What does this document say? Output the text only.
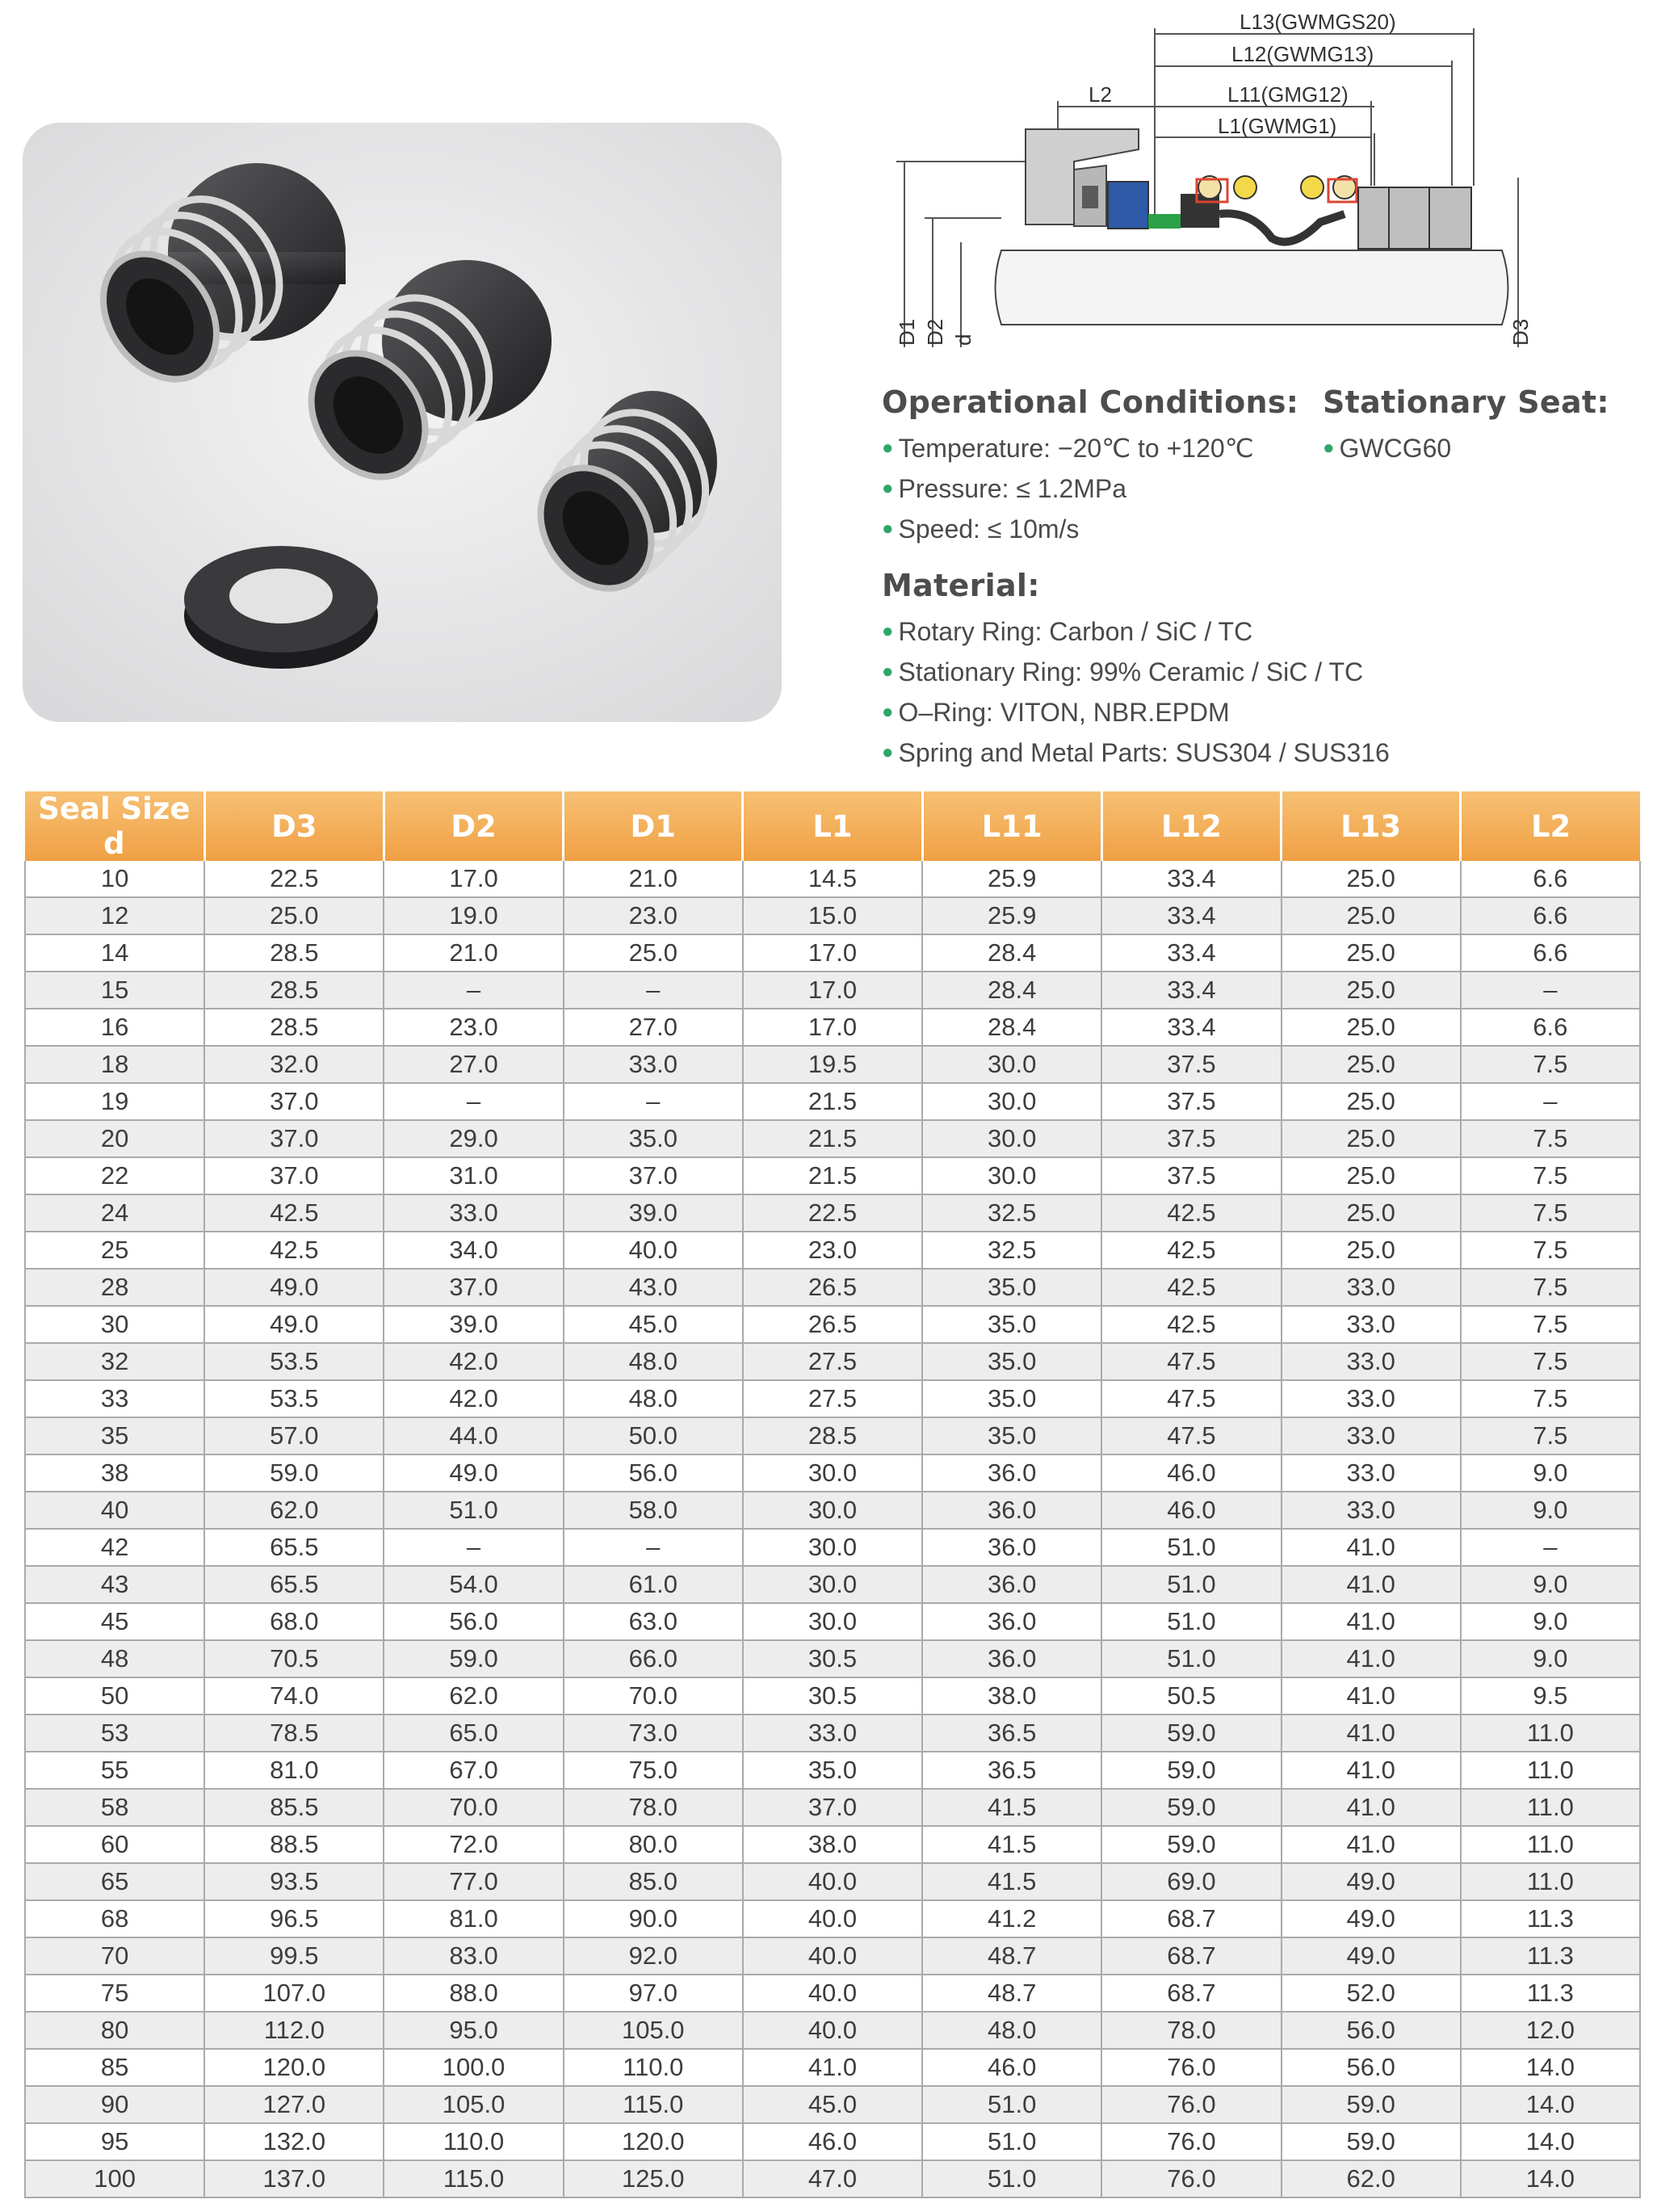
L13(GWMGS20)
L12(GWMG13)
L2	L11(GMG12)
L1(GWMG1)
D1 D2 d	D3
Operational Conditions:
● Temperature: −20℃ to +120℃
● Pressure: ≤ 1.2MPa
● Speed: ≤ 10m/s
Stationary Seat:
● GWCG60
Material:
● Rotary Ring: Carbon / SiC / TC
● Stationary Ring: 99% Ceramic / SiC / TC
● O–Ring: VITON, NBR.EPDM
● Spring and Metal Parts: SUS304 / SUS316
Seal Size d	D3	D2	D1	L1	L11	L12	L13	L2
10	22.5	17.0	21.0	14.5	25.9	33.4	25.0	6.6
12	25.0	19.0	23.0	15.0	25.9	33.4	25.0	6.6
14	28.5	21.0	25.0	17.0	28.4	33.4	25.0	6.6
15	28.5	–	–	17.0	28.4	33.4	25.0	–
16	28.5	23.0	27.0	17.0	28.4	33.4	25.0	6.6
18	32.0	27.0	33.0	19.5	30.0	37.5	25.0	7.5
19	37.0	–	–	21.5	30.0	37.5	25.0	–
20	37.0	29.0	35.0	21.5	30.0	37.5	25.0	7.5
22	37.0	31.0	37.0	21.5	30.0	37.5	25.0	7.5
24	42.5	33.0	39.0	22.5	32.5	42.5	25.0	7.5
25	42.5	34.0	40.0	23.0	32.5	42.5	25.0	7.5
28	49.0	37.0	43.0	26.5	35.0	42.5	33.0	7.5
30	49.0	39.0	45.0	26.5	35.0	42.5	33.0	7.5
32	53.5	42.0	48.0	27.5	35.0	47.5	33.0	7.5
33	53.5	42.0	48.0	27.5	35.0	47.5	33.0	7.5
35	57.0	44.0	50.0	28.5	35.0	47.5	33.0	7.5
38	59.0	49.0	56.0	30.0	36.0	46.0	33.0	9.0
40	62.0	51.0	58.0	30.0	36.0	46.0	33.0	9.0
42	65.5	–	–	30.0	36.0	51.0	41.0	–
43	65.5	54.0	61.0	30.0	36.0	51.0	41.0	9.0
45	68.0	56.0	63.0	30.0	36.0	51.0	41.0	9.0
48	70.5	59.0	66.0	30.5	36.0	51.0	41.0	9.0
50	74.0	62.0	70.0	30.5	38.0	50.5	41.0	9.5
53	78.5	65.0	73.0	33.0	36.5	59.0	41.0	11.0
55	81.0	67.0	75.0	35.0	36.5	59.0	41.0	11.0
58	85.5	70.0	78.0	37.0	41.5	59.0	41.0	11.0
60	88.5	72.0	80.0	38.0	41.5	59.0	41.0	11.0
65	93.5	77.0	85.0	40.0	41.5	69.0	49.0	11.0
68	96.5	81.0	90.0	40.0	41.2	68.7	49.0	11.3
70	99.5	83.0	92.0	40.0	48.7	68.7	49.0	11.3
75	107.0	88.0	97.0	40.0	48.7	68.7	52.0	11.3
80	112.0	95.0	105.0	40.0	48.0	78.0	56.0	12.0
85	120.0	100.0	110.0	41.0	46.0	76.0	56.0	14.0
90	127.0	105.0	115.0	45.0	51.0	76.0	59.0	14.0
95	132.0	110.0	120.0	46.0	51.0	76.0	59.0	14.0
100	137.0	115.0	125.0	47.0	51.0	76.0	62.0	14.0
